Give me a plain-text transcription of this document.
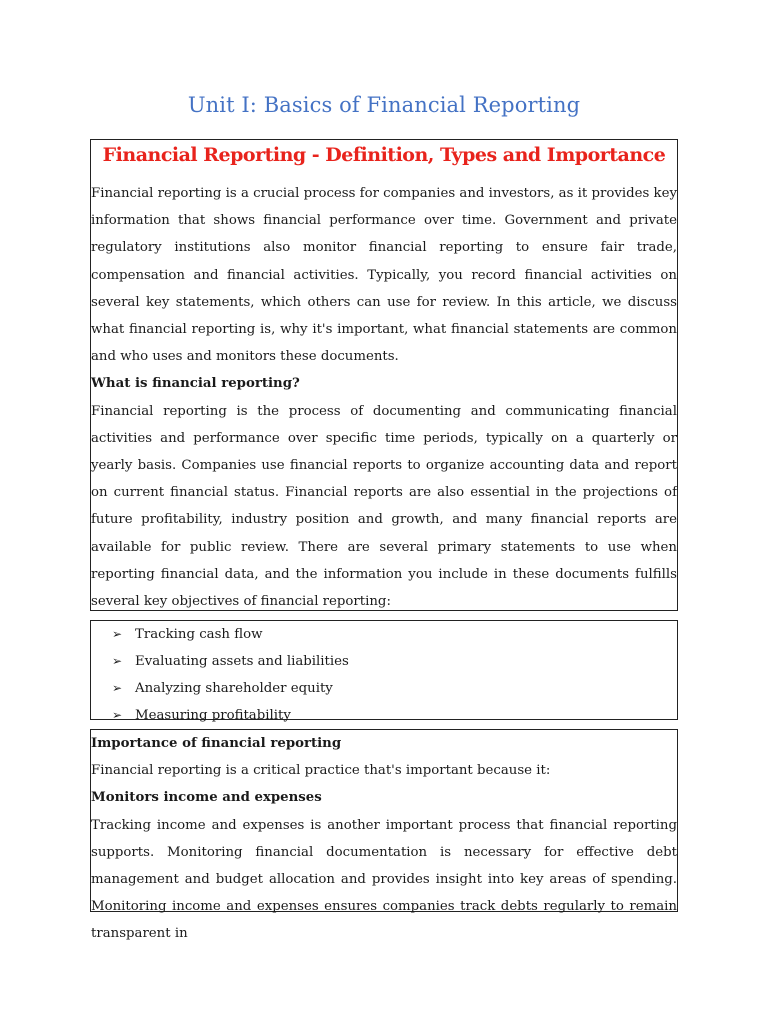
Unit I: Basics of Financial Reporting
Financial Reporting - Definition, Types and Importance

Financial reporting is a crucial process for companies and investors, as it provides key information that shows financial performance over time. Government and private regulatory institutions also monitor financial reporting to ensure fair trade, compensation and financial activities. Typically, you record financial activities on several key statements, which others can use for review. In this article, we discuss what financial reporting is, why it's important, what financial statements are common and who uses and monitors these documents.

What is financial reporting?

Financial reporting is the process of documenting and communicating financial activities and performance over specific time periods, typically on a quarterly or yearly basis. Companies use financial reports to organize accounting data and report on current financial status. Financial reports are also essential in the projections of future profitability, industry position and growth, and many financial reports are available for public review. There are several primary statements to use when reporting financial data, and the information you include in these documents fulfills several key objectives of financial reporting:

➢ Tracking cash flow
➢ Evaluating assets and liabilities
➢ Analyzing shareholder equity
➢ Measuring profitability

Importance of financial reporting

Financial reporting is a critical practice that's important because it:

Monitors income and expenses

Tracking income and expenses is another important process that financial reporting supports. Monitoring financial documentation is necessary for effective debt management and budget allocation and provides insight into key areas of spending. Monitoring income and expenses ensures companies track debts regularly to remain transparent in
